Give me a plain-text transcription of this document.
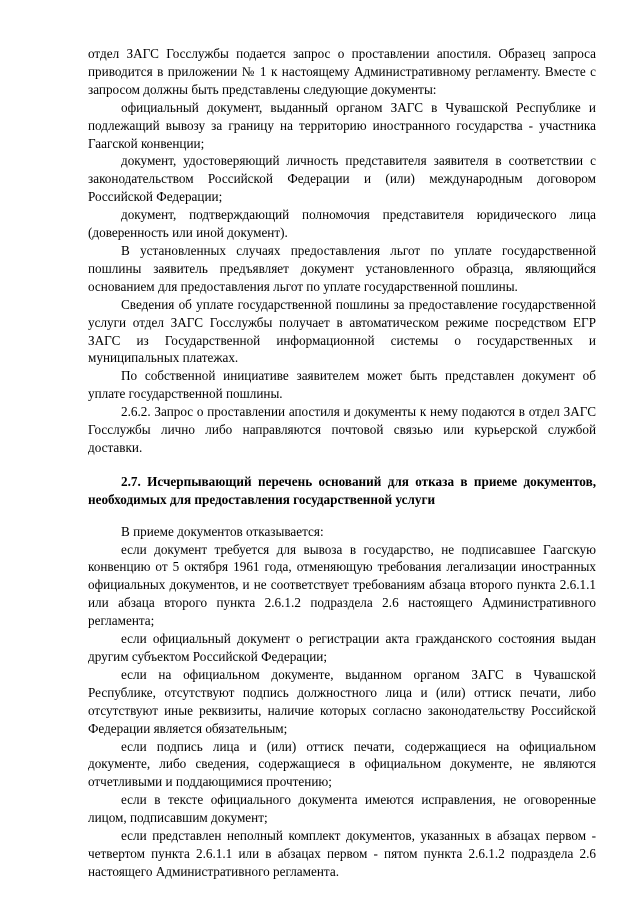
отдел ЗАГС Госслужбы подается запрос о проставлении апостиля. Образец запроса приводится в приложении № 1 к настоящему Административному регламенту. Вместе с запросом должны быть представлены следующие документы:

официальный документ, выданный органом ЗАГС в Чувашской Республике и подлежащий вывозу за границу на территорию иностранного государства - участника Гаагской конвенции;

документ, удостоверяющий личность представителя заявителя в соответствии с законодательством Российской Федерации и (или) международным договором Российской Федерации;

документ, подтверждающий полномочия представителя юридического лица (доверенность или иной документ).

В установленных случаях предоставления льгот по уплате государственной пошлины заявитель предъявляет документ установленного образца, являющийся основанием для предоставления льгот по уплате государственной пошлины.

Сведения об уплате государственной пошлины за предоставление государственной услуги отдел ЗАГС Госслужбы получает в автоматическом режиме посредством ЕГР ЗАГС из Государственной информационной системы о государственных и муниципальных платежах.

По собственной инициативе заявителем может быть представлен документ об уплате государственной пошлины.

2.6.2. Запрос о проставлении апостиля и документы к нему подаются в отдел ЗАГС Госслужбы лично либо направляются почтовой связью или курьерской службой доставки.

2.7. Исчерпывающий перечень оснований для отказа в приеме документов, необходимых для предоставления государственной услуги

В приеме документов отказывается:

если документ требуется для вывоза в государство, не подписавшее Гаагскую конвенцию от 5 октября 1961 года, отменяющую требования легализации иностранных официальных документов, и не соответствует требованиям абзаца второго пункта 2.6.1.1 или абзаца второго пункта 2.6.1.2 подраздела 2.6 настоящего Административного регламента;

если официальный документ о регистрации акта гражданского состояния выдан другим субъектом Российской Федерации;

если на официальном документе, выданном органом ЗАГС в Чувашской Республике, отсутствуют подпись должностного лица и (или) оттиск печати, либо отсутствуют иные реквизиты, наличие которых согласно законодательству Российской Федерации является обязательным;

если подпись лица и (или) оттиск печати, содержащиеся на официальном документе, либо сведения, содержащиеся в официальном документе, не являются отчетливыми и поддающимися прочтению;

если в тексте официального документа имеются исправления, не оговоренные лицом, подписавшим документ;

если представлен неполный комплект документов, указанных в абзацах первом - четвертом пункта 2.6.1.1 или в абзацах первом - пятом пункта 2.6.1.2 подраздела 2.6 настоящего Административного регламента.
